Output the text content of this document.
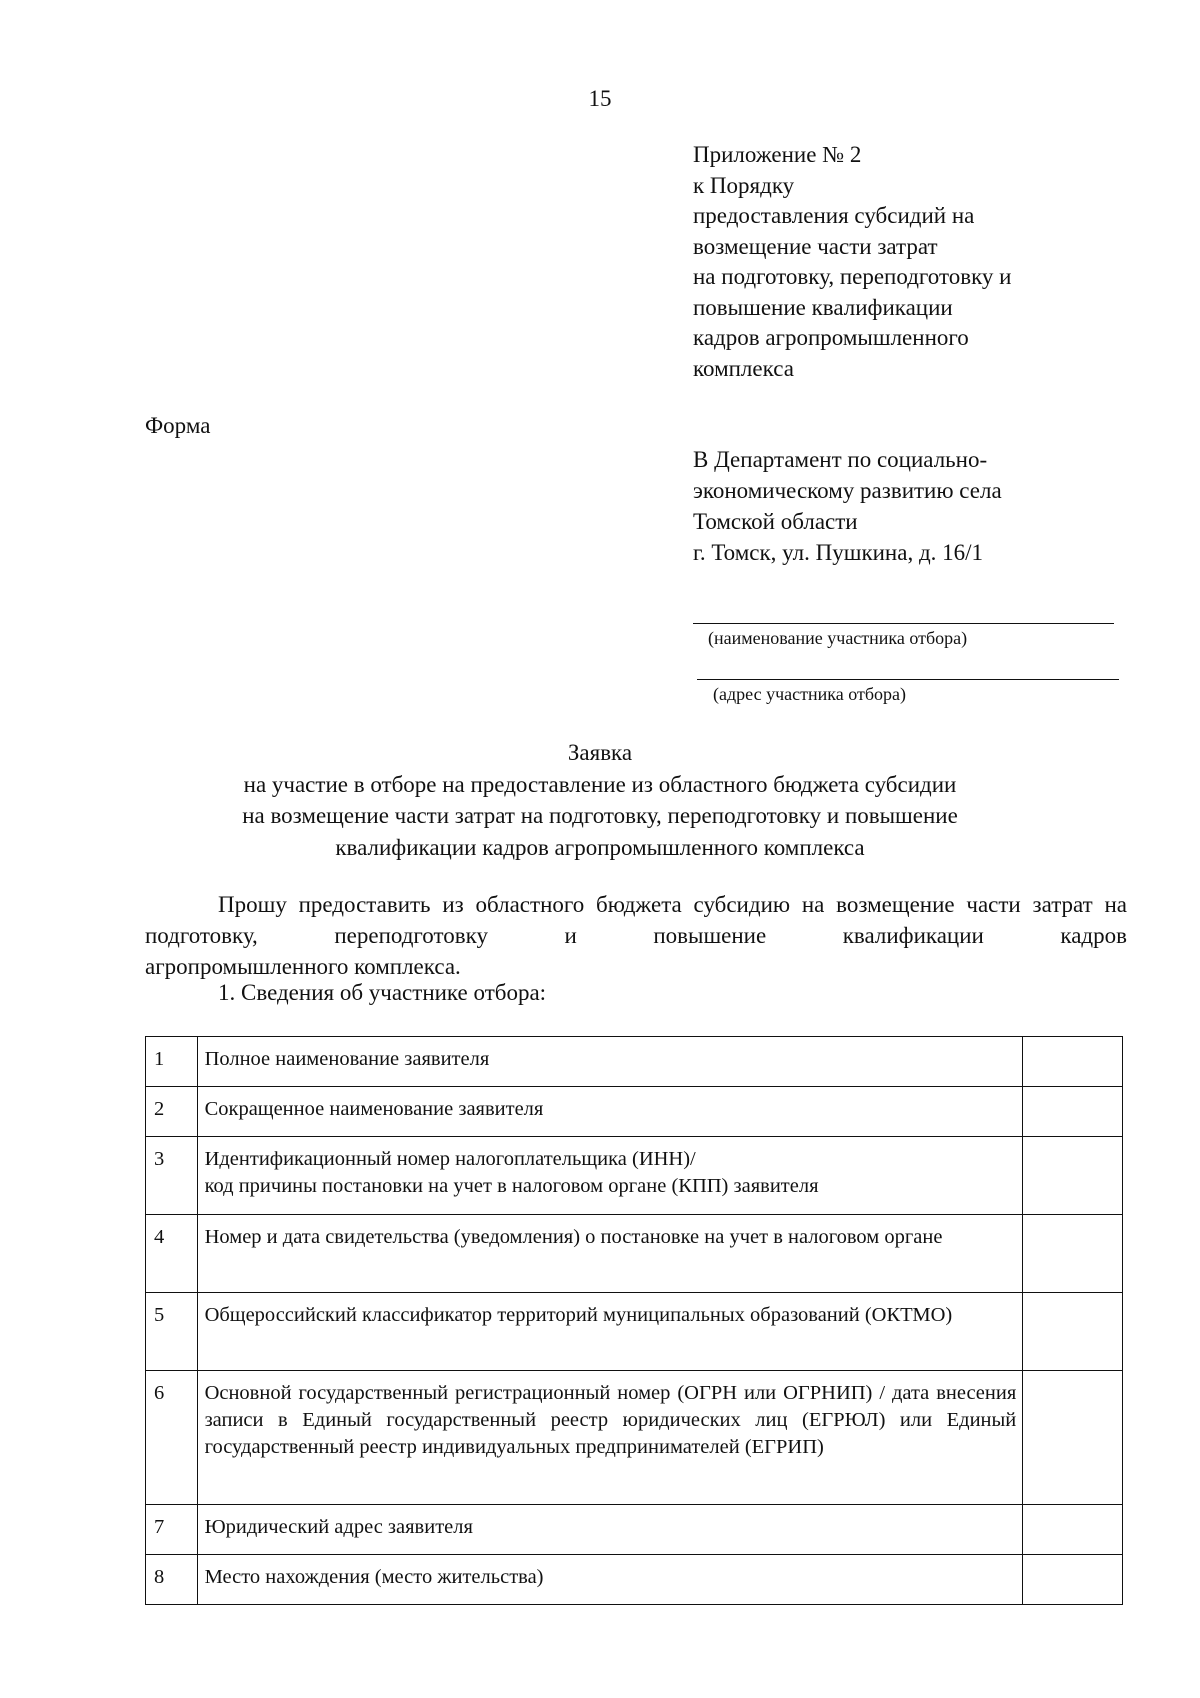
15
Приложение № 2
к Порядку
предоставления субсидий на
возмещение части затрат
на подготовку, переподготовку и
повышение квалификации
кадров агропромышленного
комплекса
Форма
В Департамент по социально-
экономическому развитию села
Томской области
г. Томск, ул. Пушкина, д. 16/1
(наименование участника отбора)
(адрес участника отбора)
Заявка
на участие в отборе на предоставление из областного бюджета субсидии
на возмещение части затрат на подготовку, переподготовку и повышение
квалификации кадров агропромышленного комплекса

Прошу предоставить из областного бюджета субсидию на возмещение части затрат на подготовку, переподготовку и повышение квалификации кадров

агропромышленного комплекса.

1. Сведения об участнике отбора:
1	Полное наименование заявителя	
2	Сокращенное наименование заявителя	
3	Идентификационный номер налогоплательщика (ИНН)/
код причины постановки на учет в налоговом органе (КПП) заявителя	

4	Номер и дата свидетельства (уведомления) о постановке на учет в налоговом органе	
5	Общероссийский классификатор территорий муниципальных образований (ОКТМО)	
6	Основной государственный регистрационный номер (ОГРН или ОГРНИП) / дата внесения записи в Единый государственный реестр юридических лиц (ЕГРЮЛ) или Единый государственный реестр индивидуальных предпринимателей (ЕГРИП)	
7	Юридический адрес заявителя	
8	Место нахождения (место жительства)	
